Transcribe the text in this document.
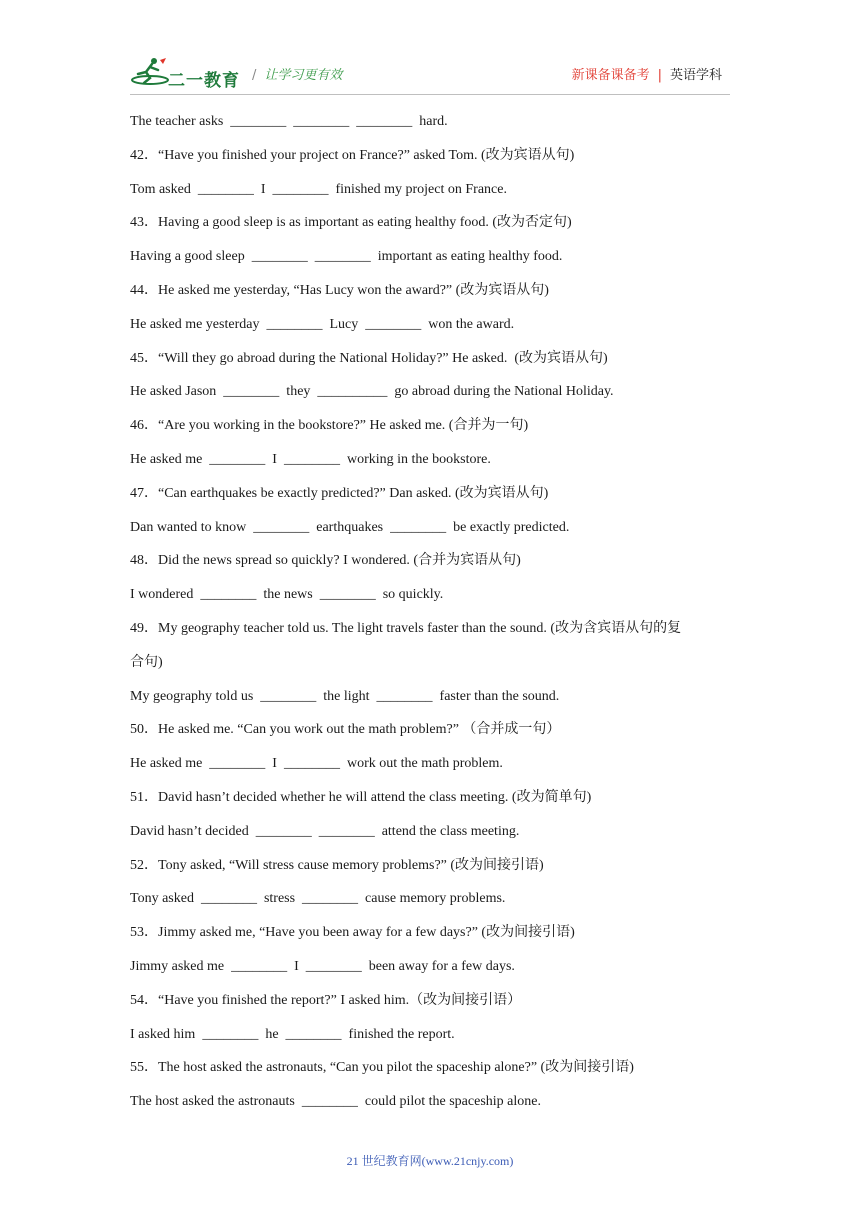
二一教育 / 让学习更有效	新课备课备考 | 英语学科
The teacher asks  ________  ________  ________  hard.
42．“Have you finished your project on France?” asked Tom. (改为宾语从句)
Tom asked  ________  I  ________  finished my project on France.
43．Having a good sleep is as important as eating healthy food. (改为否定句)
Having a good sleep  ________  ________  important as eating healthy food.
44．He asked me yesterday, “Has Lucy won the award?” (改为宾语从句)
He asked me yesterday  ________  Lucy  ________  won the award.
45．“Will they go abroad during the National Holiday?” He asked.  (改为宾语从句)
He asked Jason  ________  they  __________  go abroad during the National Holiday.
46．“Are you working in the bookstore?” He asked me. (合并为一句)
He asked me  ________  I  ________  working in the bookstore.
47．“Can earthquakes be exactly predicted?” Dan asked. (改为宾语从句)
Dan wanted to know  ________  earthquakes  ________  be exactly predicted.
48．Did the news spread so quickly? I wondered. (合并为宾语从句)
I wondered  ________  the news  ________  so quickly.
49．My geography teacher told us. The light travels faster than the sound. (改为含宾语从句的复
合句)
My geography told us  ________  the light  ________  faster than the sound.
50．He asked me. “Can you work out the math problem?” （合并成一句）
He asked me  ________  I  ________  work out the math problem.
51．David hasn’t decided whether he will attend the class meeting. (改为简单句)
David hasn’t decided  ________  ________  attend the class meeting.
52．Tony asked, “Will stress cause memory problems?” (改为间接引语)
Tony asked  ________  stress  ________  cause memory problems.
53．Jimmy asked me, “Have you been away for a few days?” (改为间接引语)
Jimmy asked me  ________  I  ________  been away for a few days.
54．“Have you finished the report?” I asked him.（改为间接引语）
I asked him  ________  he  ________  finished the report.
55．The host asked the astronauts, “Can you pilot the spaceship alone?” (改为间接引语)
The host asked the astronauts  ________  could pilot the spaceship alone.
21 世纪教育网(www.21cnjy.com)
